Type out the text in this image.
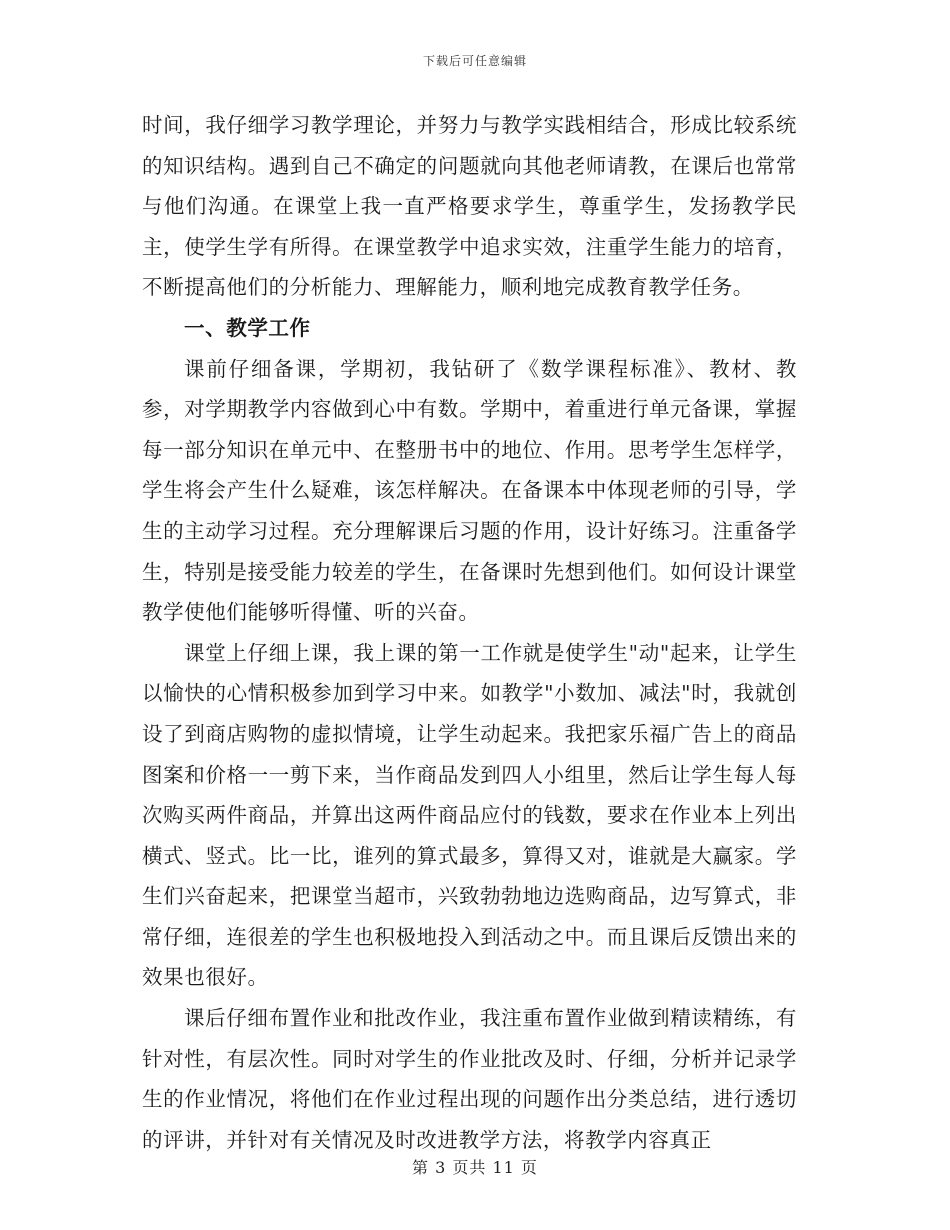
下载后可任意编辑

时间，我仔细学习教学理论，并努力与教学实践相结合，形成比较系统的知识结构。遇到自己不确定的问题就向其他老师请教，在课后也常常与他们沟通。在课堂上我一直严格要求学生，尊重学生，发扬教学民主，使学生学有所得。在课堂教学中追求实效，注重学生能力的培育，不断提高他们的分析能力、理解能力，顺利地完成教育教学任务。

一、教学工作

课前仔细备课，学期初，我钻研了《数学课程标准》、教材、教参，对学期教学内容做到心中有数。学期中，着重进行单元备课，掌握每一部分知识在单元中、在整册书中的地位、作用。思考学生怎样学，学生将会产生什么疑难，该怎样解决。在备课本中体现老师的引导，学生的主动学习过程。充分理解课后习题的作用，设计好练习。注重备学生，特别是接受能力较差的学生，在备课时先想到他们。如何设计课堂教学使他们能够听得懂、听的兴奋。

课堂上仔细上课，我上课的第一工作就是使学生"动"起来，让学生以愉快的心情积极参加到学习中来。如教学"小数加、减法"时，我就创设了到商店购物的虚拟情境，让学生动起来。我把家乐福广告上的商品图案和价格一一剪下来，当作商品发到四人小组里，然后让学生每人每次购买两件商品，并算出这两件商品应付的钱数，要求在作业本上列出横式、竖式。比一比，谁列的算式最多，算得又对，谁就是大赢家。学生们兴奋起来，把课堂当超市，兴致勃勃地边选购商品，边写算式，非常仔细，连很差的学生也积极地投入到活动之中。而且课后反馈出来的效果也很好。

课后仔细布置作业和批改作业，我注重布置作业做到精读精练，有针对性，有层次性。同时对学生的作业批改及时、仔细，分析并记录学生的作业情况，将他们在作业过程出现的问题作出分类总结，进行透切的评讲，并针对有关情况及时改进教学方法，将教学内容真正

第 3 页共 11 页
